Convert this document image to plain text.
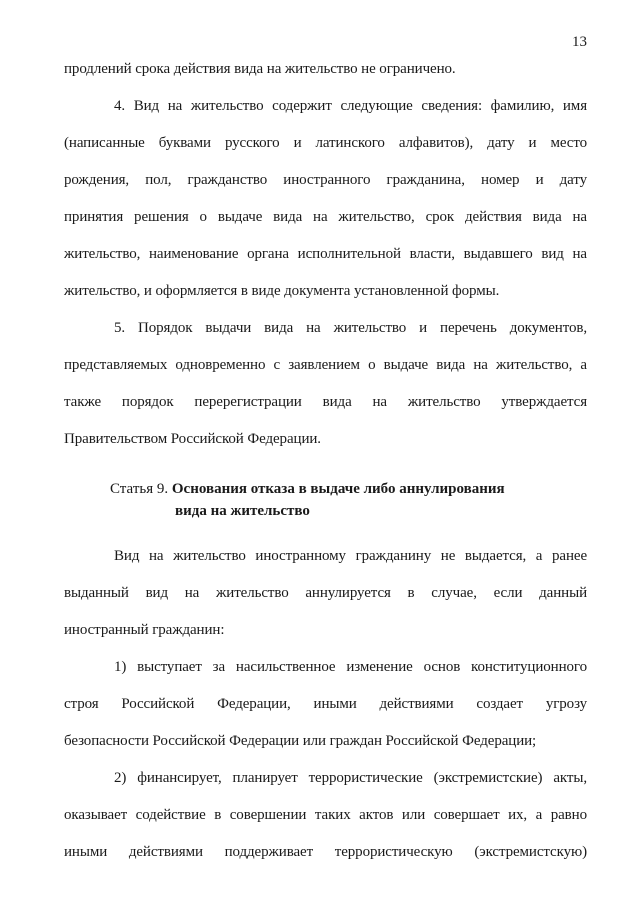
13
продлений срока действия вида на жительство не ограничено.
4. Вид на жительство содержит следующие сведения: фамилию, имя
(написанные буквами русского и латинского алфавитов), дату и место
рождения, пол, гражданство иностранного гражданина, номер и дату
принятия решения о выдаче вида на жительство, срок действия вида на
жительство, наименование органа исполнительной власти, выдавшего вид на
жительство, и оформляется в виде документа установленной формы.
5. Порядок выдачи вида на жительство и перечень документов,
представляемых одновременно с заявлением о выдаче вида на жительство, а
также порядок перерегистрации вида на жительство утверждается
Правительством Российской Федерации.
Статья 9. Основания отказа в выдаче либо аннулирования
вида на жительство
Вид на жительство иностранному гражданину не выдается, а ранее
выданный вид на жительство аннулируется в случае, если данный
иностранный гражданин:
1) выступает за насильственное изменение основ конституционного
строя Российской Федерации, иными действиями создает угрозу
безопасности Российской Федерации или граждан Российской Федерации;
2) финансирует, планирует террористические (экстремистские) акты,
оказывает содействие в совершении таких актов или совершает их, а равно
иными действиями поддерживает террористическую (экстремистскую)
